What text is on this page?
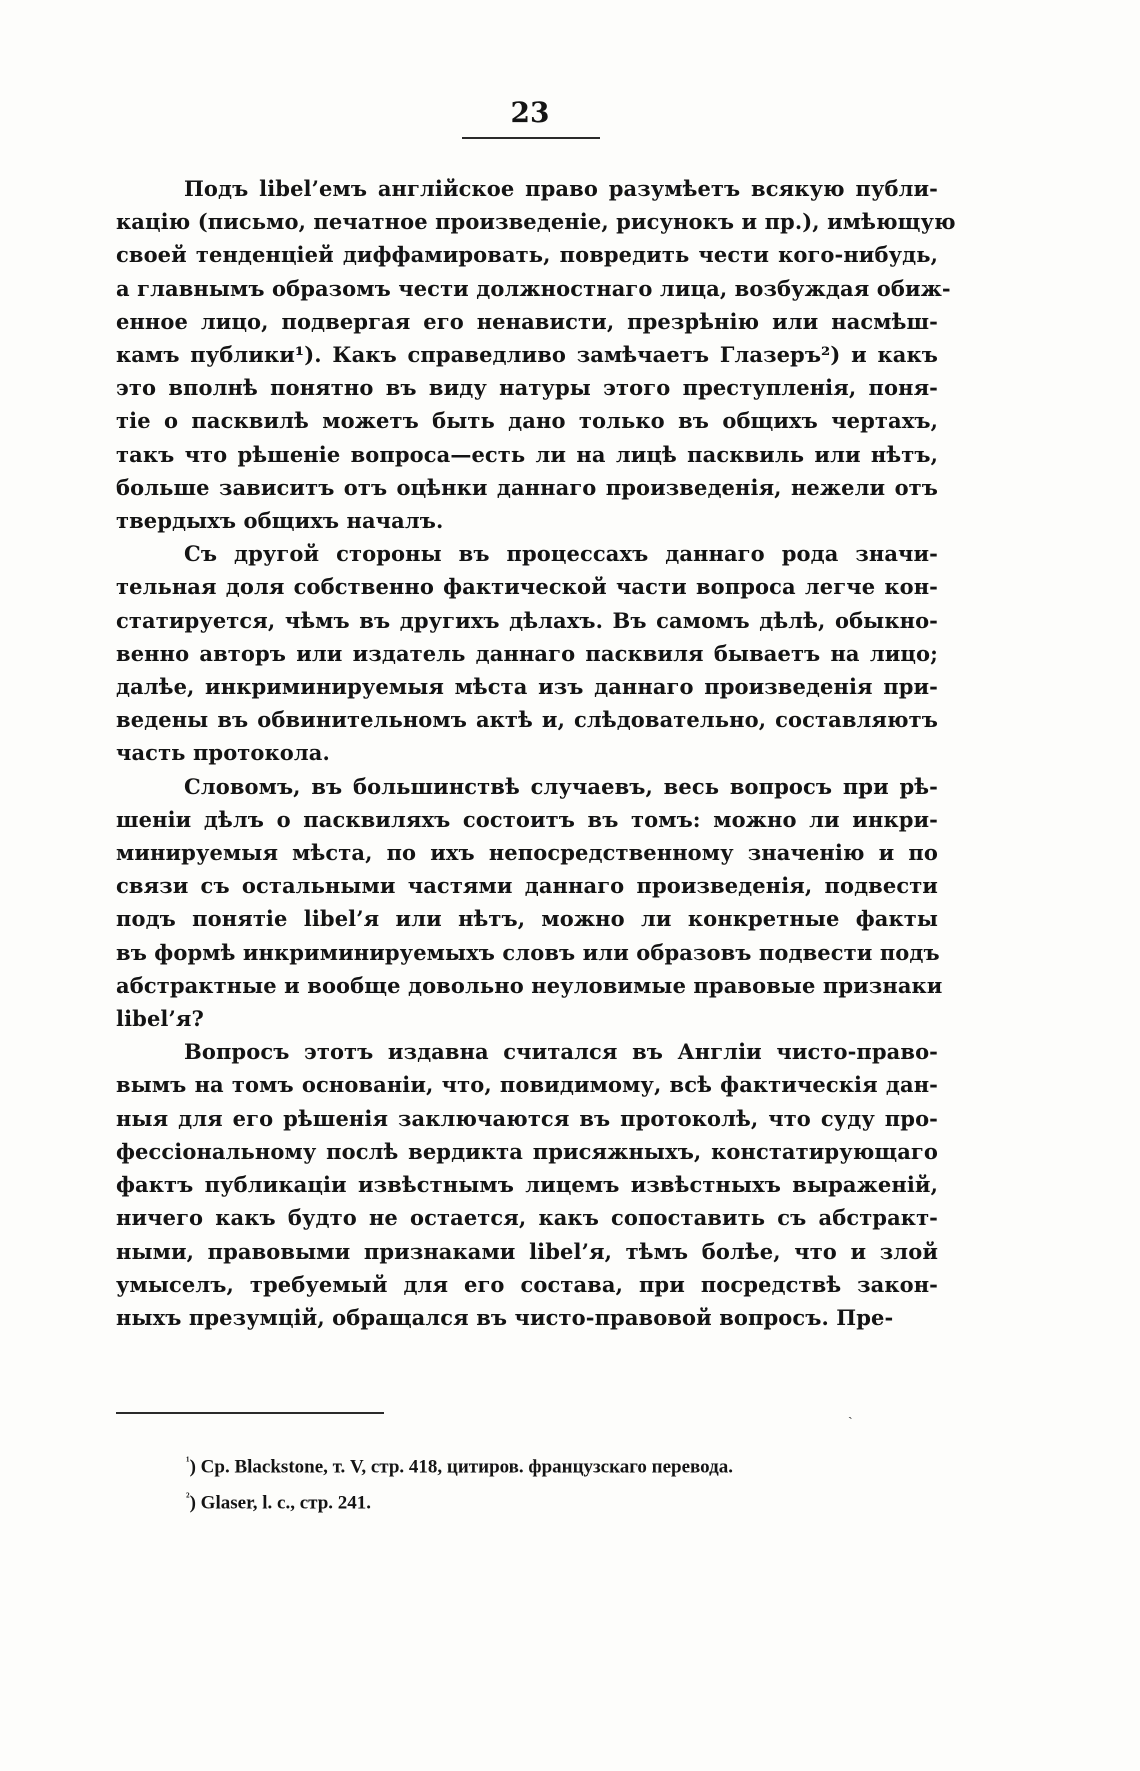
23

Подъ libel’емъ англійское право разумѣетъ всякую публи-
кацію (письмо, печатное произведеніе, рисунокъ и пр.), имѣющую
своей тенденціей диффамировать, повредить чести кого-нибудь,
а главнымъ образомъ чести должностнаго лица, возбуждая обиж-
енное лицо, подвергая его ненависти, презрѣнію или насмѣш-
камъ публики¹). Какъ справедливо замѣчаетъ Глазеръ²) и какъ
это вполнѣ понятно въ виду натуры этого преступленія, поня-
тіе о пасквилѣ можетъ быть дано только въ общихъ чертахъ,
такъ что рѣшеніе вопроса—есть ли на лицѣ пасквиль или нѣтъ,
больше зависитъ отъ оцѣнки даннаго произведенія, нежели отъ
твердыхъ общихъ началъ.

Съ другой стороны въ процессахъ даннаго рода значи-
тельная доля собственно фактической части вопроса легче кон-
статируется, чѣмъ въ другихъ дѣлахъ. Въ самомъ дѣлѣ, обыкно-
венно авторъ или издатель даннаго пасквиля бываетъ на лицо;
далѣе, инкриминируемыя мѣста изъ даннаго произведенія при-
ведены въ обвинительномъ актѣ и, слѣдовательно, составляютъ
часть протокола.

Словомъ, въ большинствѣ случаевъ, весь вопросъ при рѣ-
шеніи дѣлъ о пасквиляхъ состоитъ въ томъ: можно ли инкри-
минируемыя мѣста, по ихъ непосредственному значенію и по
связи съ остальными частями даннаго произведенія, подвести
подъ понятіе libel’я или нѣтъ, можно ли конкретные факты
въ формѣ инкриминируемыхъ словъ или образовъ подвести подъ
абстрактные и вообще довольно неуловимые правовые признаки
libel’я?

Вопросъ этотъ издавна считался въ Англіи чисто-право-
вымъ на томъ основаніи, что, повидимому, всѣ фактическія дан-
ныя для его рѣшенія заключаются въ протоколѣ, что суду про-
фессіональному послѣ вердикта присяжныхъ, констатирующаго
фактъ публикаціи извѣстнымъ лицемъ извѣстныхъ выраженій,
ничего какъ будто не остается, какъ сопоставить съ абстракт-
ными, правовыми признаками libel’я, тѣмъ болѣе, что и злой
умыселъ, требуемый для его состава, при посредствѣ закон-
ныхъ презумцій, обращался въ чисто-правовой вопросъ. Пре-

ˎ
$^{^1}$) Ср. Blackstone, т. V, стр. 418, цитиров. французскаго перевода.
$^{^2}$) Glaser, l. c., стр. 241.
